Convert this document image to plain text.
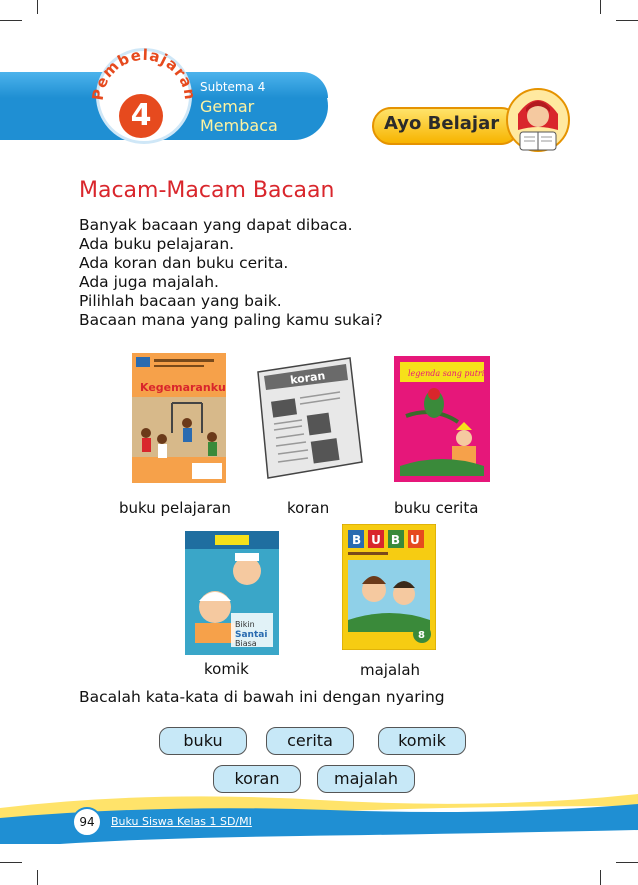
Pembelajaran
4
Subtema 4
Gemar
Membaca	Ayo Belajar
Macam-Macam Bacaan
Banyak bacaan yang dapat dibaca.
Ada buku pelajaran.
Ada koran dan buku cerita.
Ada juga majalah.
Pilihlah bacaan yang baik.
Bacaan mana yang paling kamu sukai?
Kegemaranku
koran	legenda sang putri
buku pelajaran	koran	buku cerita
Bikin
Santai
Biasa
BUBU
8
komik	majalah
Bacalah kata-kata di bawah ini dengan nyaring
buku	cerita	komik
koran	majalah
94	Buku Siswa Kelas 1 SD/MI
